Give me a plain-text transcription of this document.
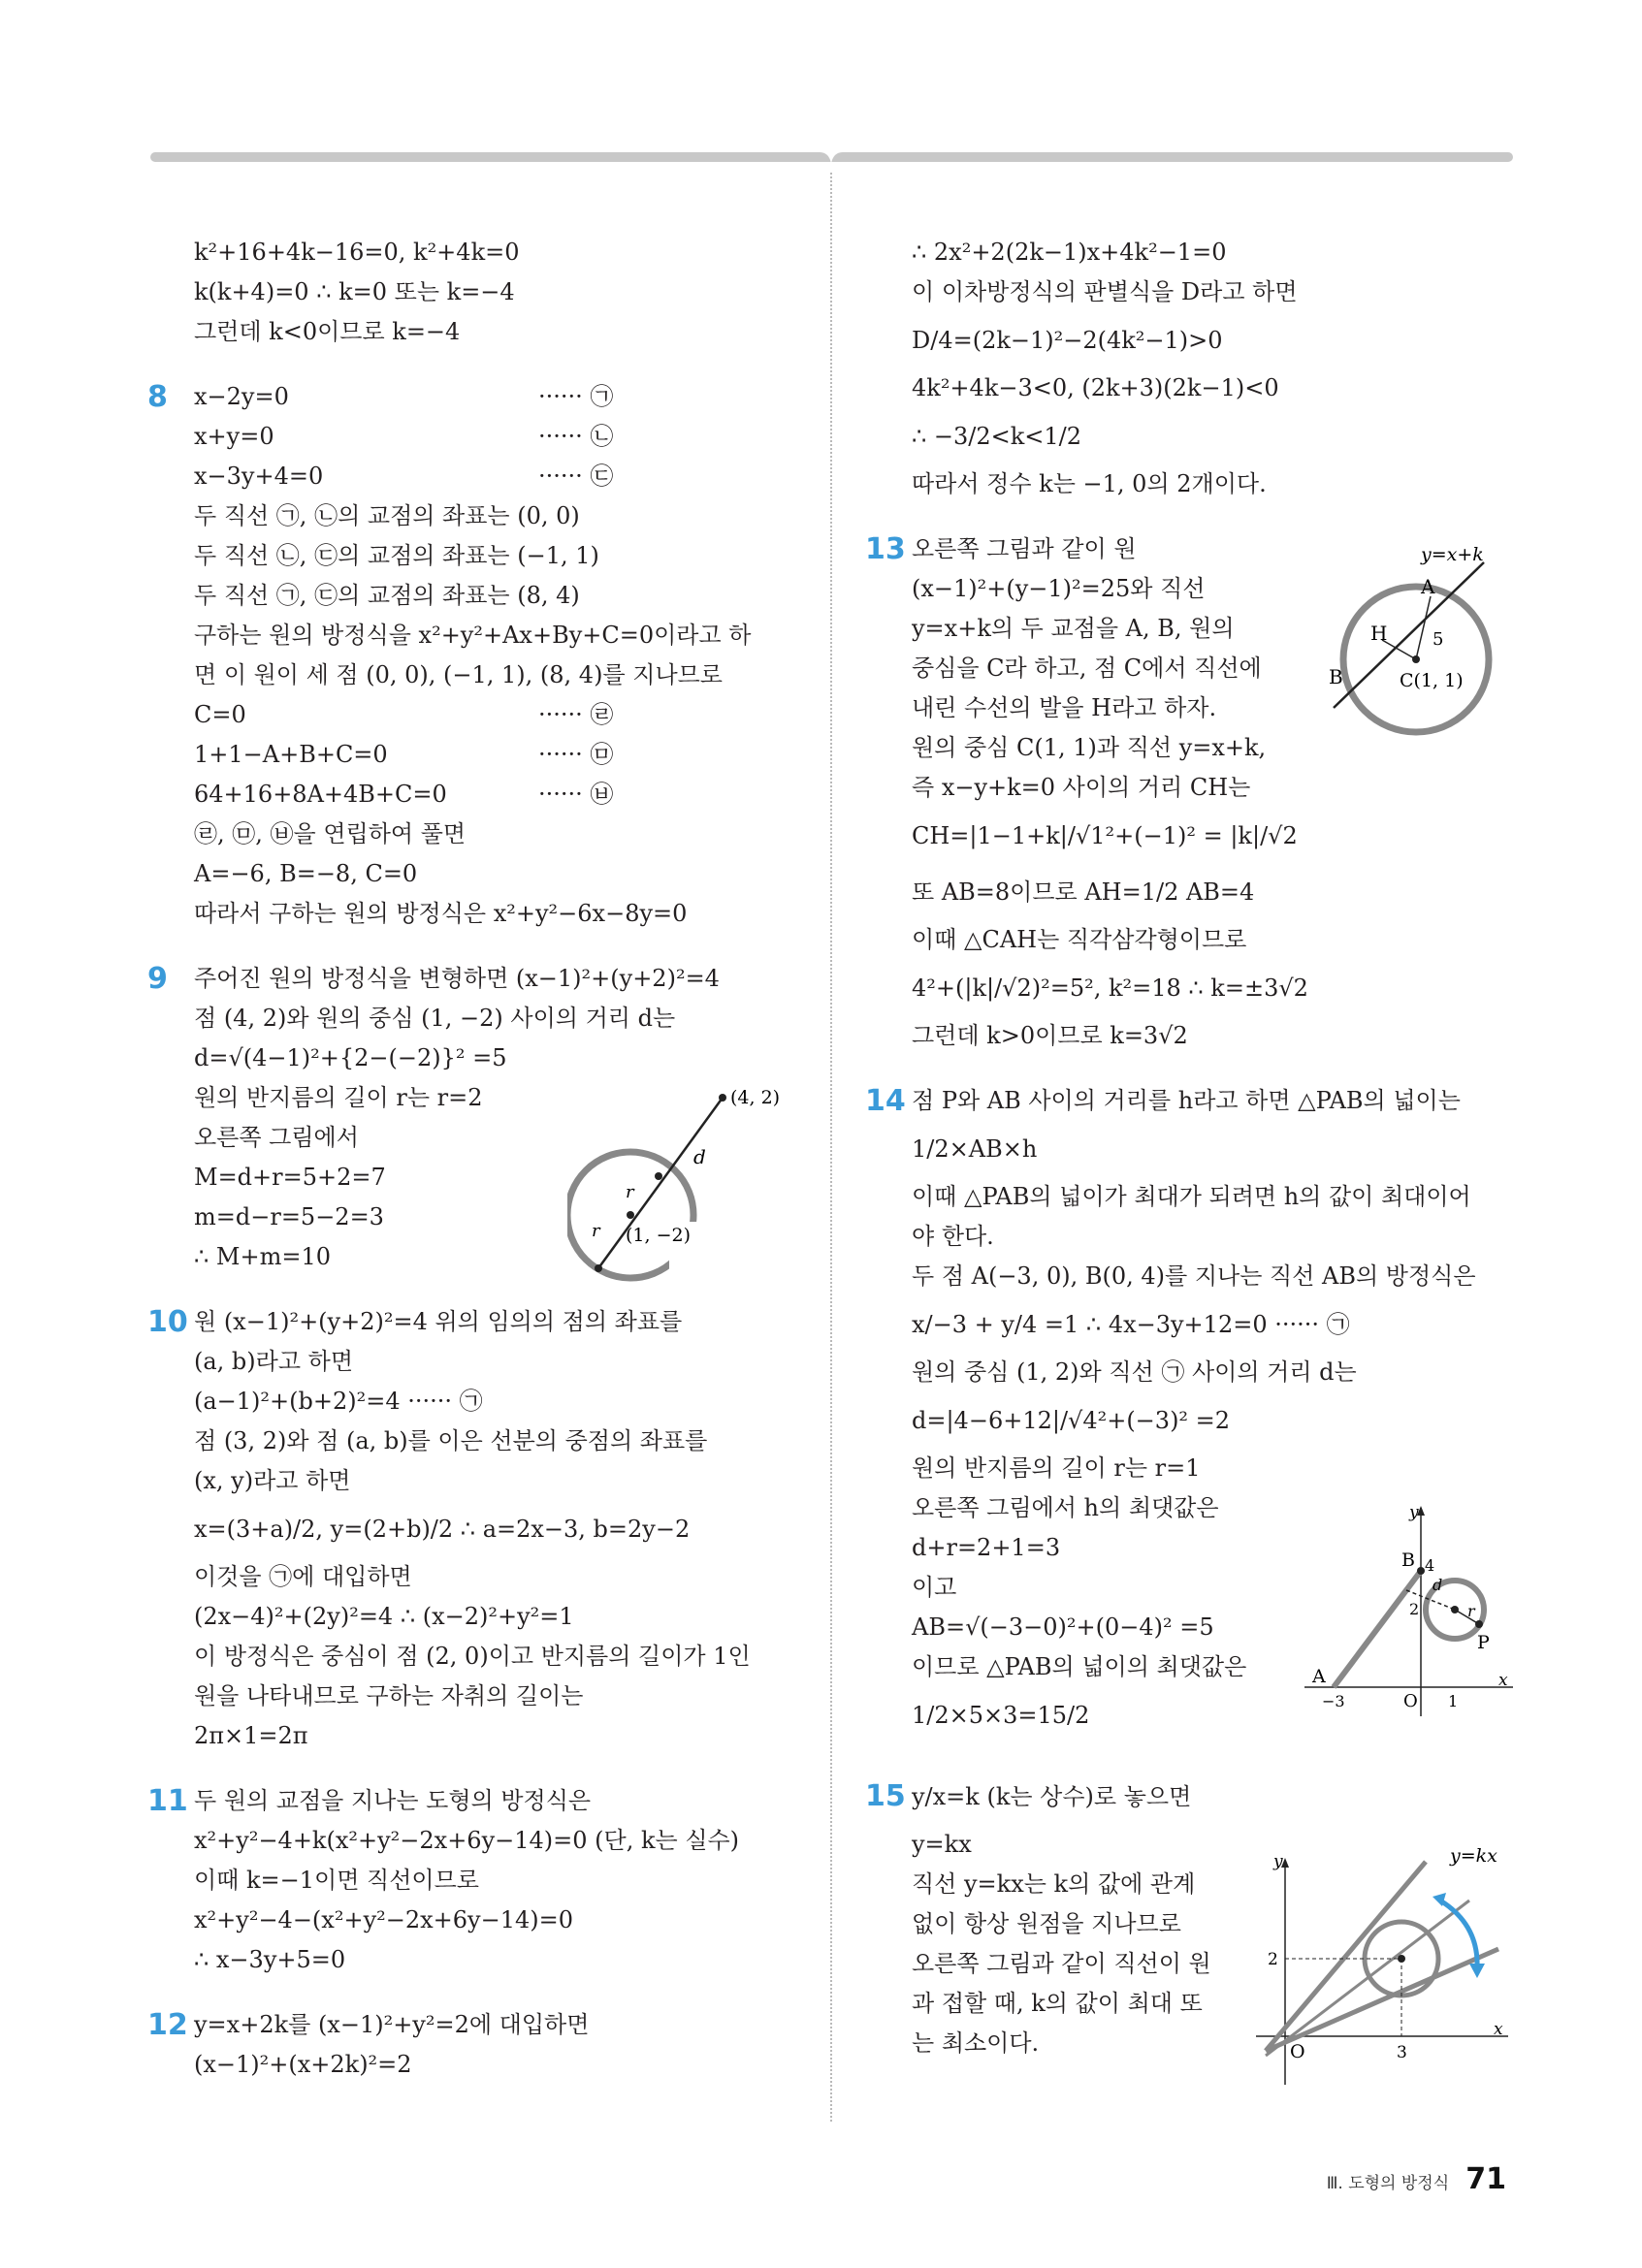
k²+16+4k−16=0, k²+4k=0
k(k+4)=0 ∴ k=0 또는 k=−4
그런데 k<0이므로 k=−4
8 x−2y=0	······ ㉠
x+y=0	······ ㉡
x−3y+4=0	······ ㉢
두 직선 ㉠, ㉡의 교점의 좌표는 (0, 0)
두 직선 ㉡, ㉢의 교점의 좌표는 (−1, 1)
두 직선 ㉠, ㉢의 교점의 좌표는 (8, 4)
구하는 원의 방정식을 x²+y²+Ax+By+C=0이라고 하
면 이 원이 세 점 (0, 0), (−1, 1), (8, 4)를 지나므로
C=0	······ ㉣
1+1−A+B+C=0	······ ㉤
64+16+8A+4B+C=0	······ ㉥
㉣, ㉤, ㉥을 연립하여 풀면
A=−6, B=−8, C=0
따라서 구하는 원의 방정식은 x²+y²−6x−8y=0
9 주어진 원의 방정식을 변형하면 (x−1)²+(y+2)²=4
점 (4, 2)와 원의 중심 (1, −2) 사이의 거리 d는
d=√(4−1)²+{2−(−2)}² =5
원의 반지름의 길이 r는 r=2
오른쪽 그림에서
M=d+r=5+2=7
m=d−r=5−2=3
∴ M+m=10
10 원 (x−1)²+(y+2)²=4 위의 임의의 점의 좌표를
(a, b)라고 하면
(a−1)²+(b+2)²=4 ······ ㉠
점 (3, 2)와 점 (a, b)를 이은 선분의 중점의 좌표를
(x, y)라고 하면
x=(3+a)/2, y=(2+b)/2 ∴ a=2x−3, b=2y−2
이것을 ㉠에 대입하면
(2x−4)²+(2y)²=4 ∴ (x−2)²+y²=1
이 방정식은 중심이 점 (2, 0)이고 반지름의 길이가 1인
원을 나타내므로 구하는 자취의 길이는
2π×1=2π
11 두 원의 교점을 지나는 도형의 방정식은
x²+y²−4+k(x²+y²−2x+6y−14)=0 (단, k는 실수)
이때 k=−1이면 직선이므로
x²+y²−4−(x²+y²−2x+6y−14)=0
∴ x−3y+5=0
12 y=x+2k를 (x−1)²+y²=2에 대입하면
(x−1)²+(x+2k)²=2
∴ 2x²+2(2k−1)x+4k²−1=0
이 이차방정식의 판별식을 D라고 하면
D/4=(2k−1)²−2(4k²−1)>0
4k²+4k−3<0, (2k+3)(2k−1)<0
∴ −3/2<k<1/2
따라서 정수 k는 −1, 0의 2개이다.
13 오른쪽 그림과 같이 원
(x−1)²+(y−1)²=25와 직선
y=x+k의 두 교점을 A, B, 원의
중심을 C라 하고, 점 C에서 직선에
내린 수선의 발을 H라고 하자.
원의 중심 C(1, 1)과 직선 y=x+k,
즉 x−y+k=0 사이의 거리 CH는
CH=|1−1+k|/√1²+(−1)² = |k|/√2
또 AB=8이므로 AH=1/2 AB=4
이때 △CAH는 직각삼각형이므로
4²+(|k|/√2)²=5², k²=18 ∴ k=±3√2
그런데 k>0이므로 k=3√2
14 점 P와 AB 사이의 거리를 h라고 하면 △PAB의 넓이는
1/2×AB×h
이때 △PAB의 넓이가 최대가 되려면 h의 값이 최대이어
야 한다.
두 점 A(−3, 0), B(0, 4)를 지나는 직선 AB의 방정식은
x/−3 + y/4 =1 ∴ 4x−3y+12=0 ······ ㉠
원의 중심 (1, 2)와 직선 ㉠ 사이의 거리 d는
d=|4−6+12|/√4²+(−3)² =2
원의 반지름의 길이 r는 r=1
오른쪽 그림에서 h의 최댓값은
d+r=2+1=3
이고
AB=√(−3−0)²+(0−4)² =5
이므로 △PAB의 넓이의 최댓값은
1/2×5×3=15/2
15 y/x=k (k는 상수)로 놓으면
y=kx
직선 y=kx는 k의 값에 관계
없이 항상 원점을 지나므로
오른쪽 그림과 같이 직선이 원
과 접할 때, k의 값이 최대 또
는 최소이다.
(4, 2)
(1, −2)
d
r
r
y=x+k
A
B
H
C(1, 1)
5
y
x
B
A
P
O
d
r
4
2
−3	1
y
x
y=kx
O
2
3
Ⅲ. 도형의 방정식 71
